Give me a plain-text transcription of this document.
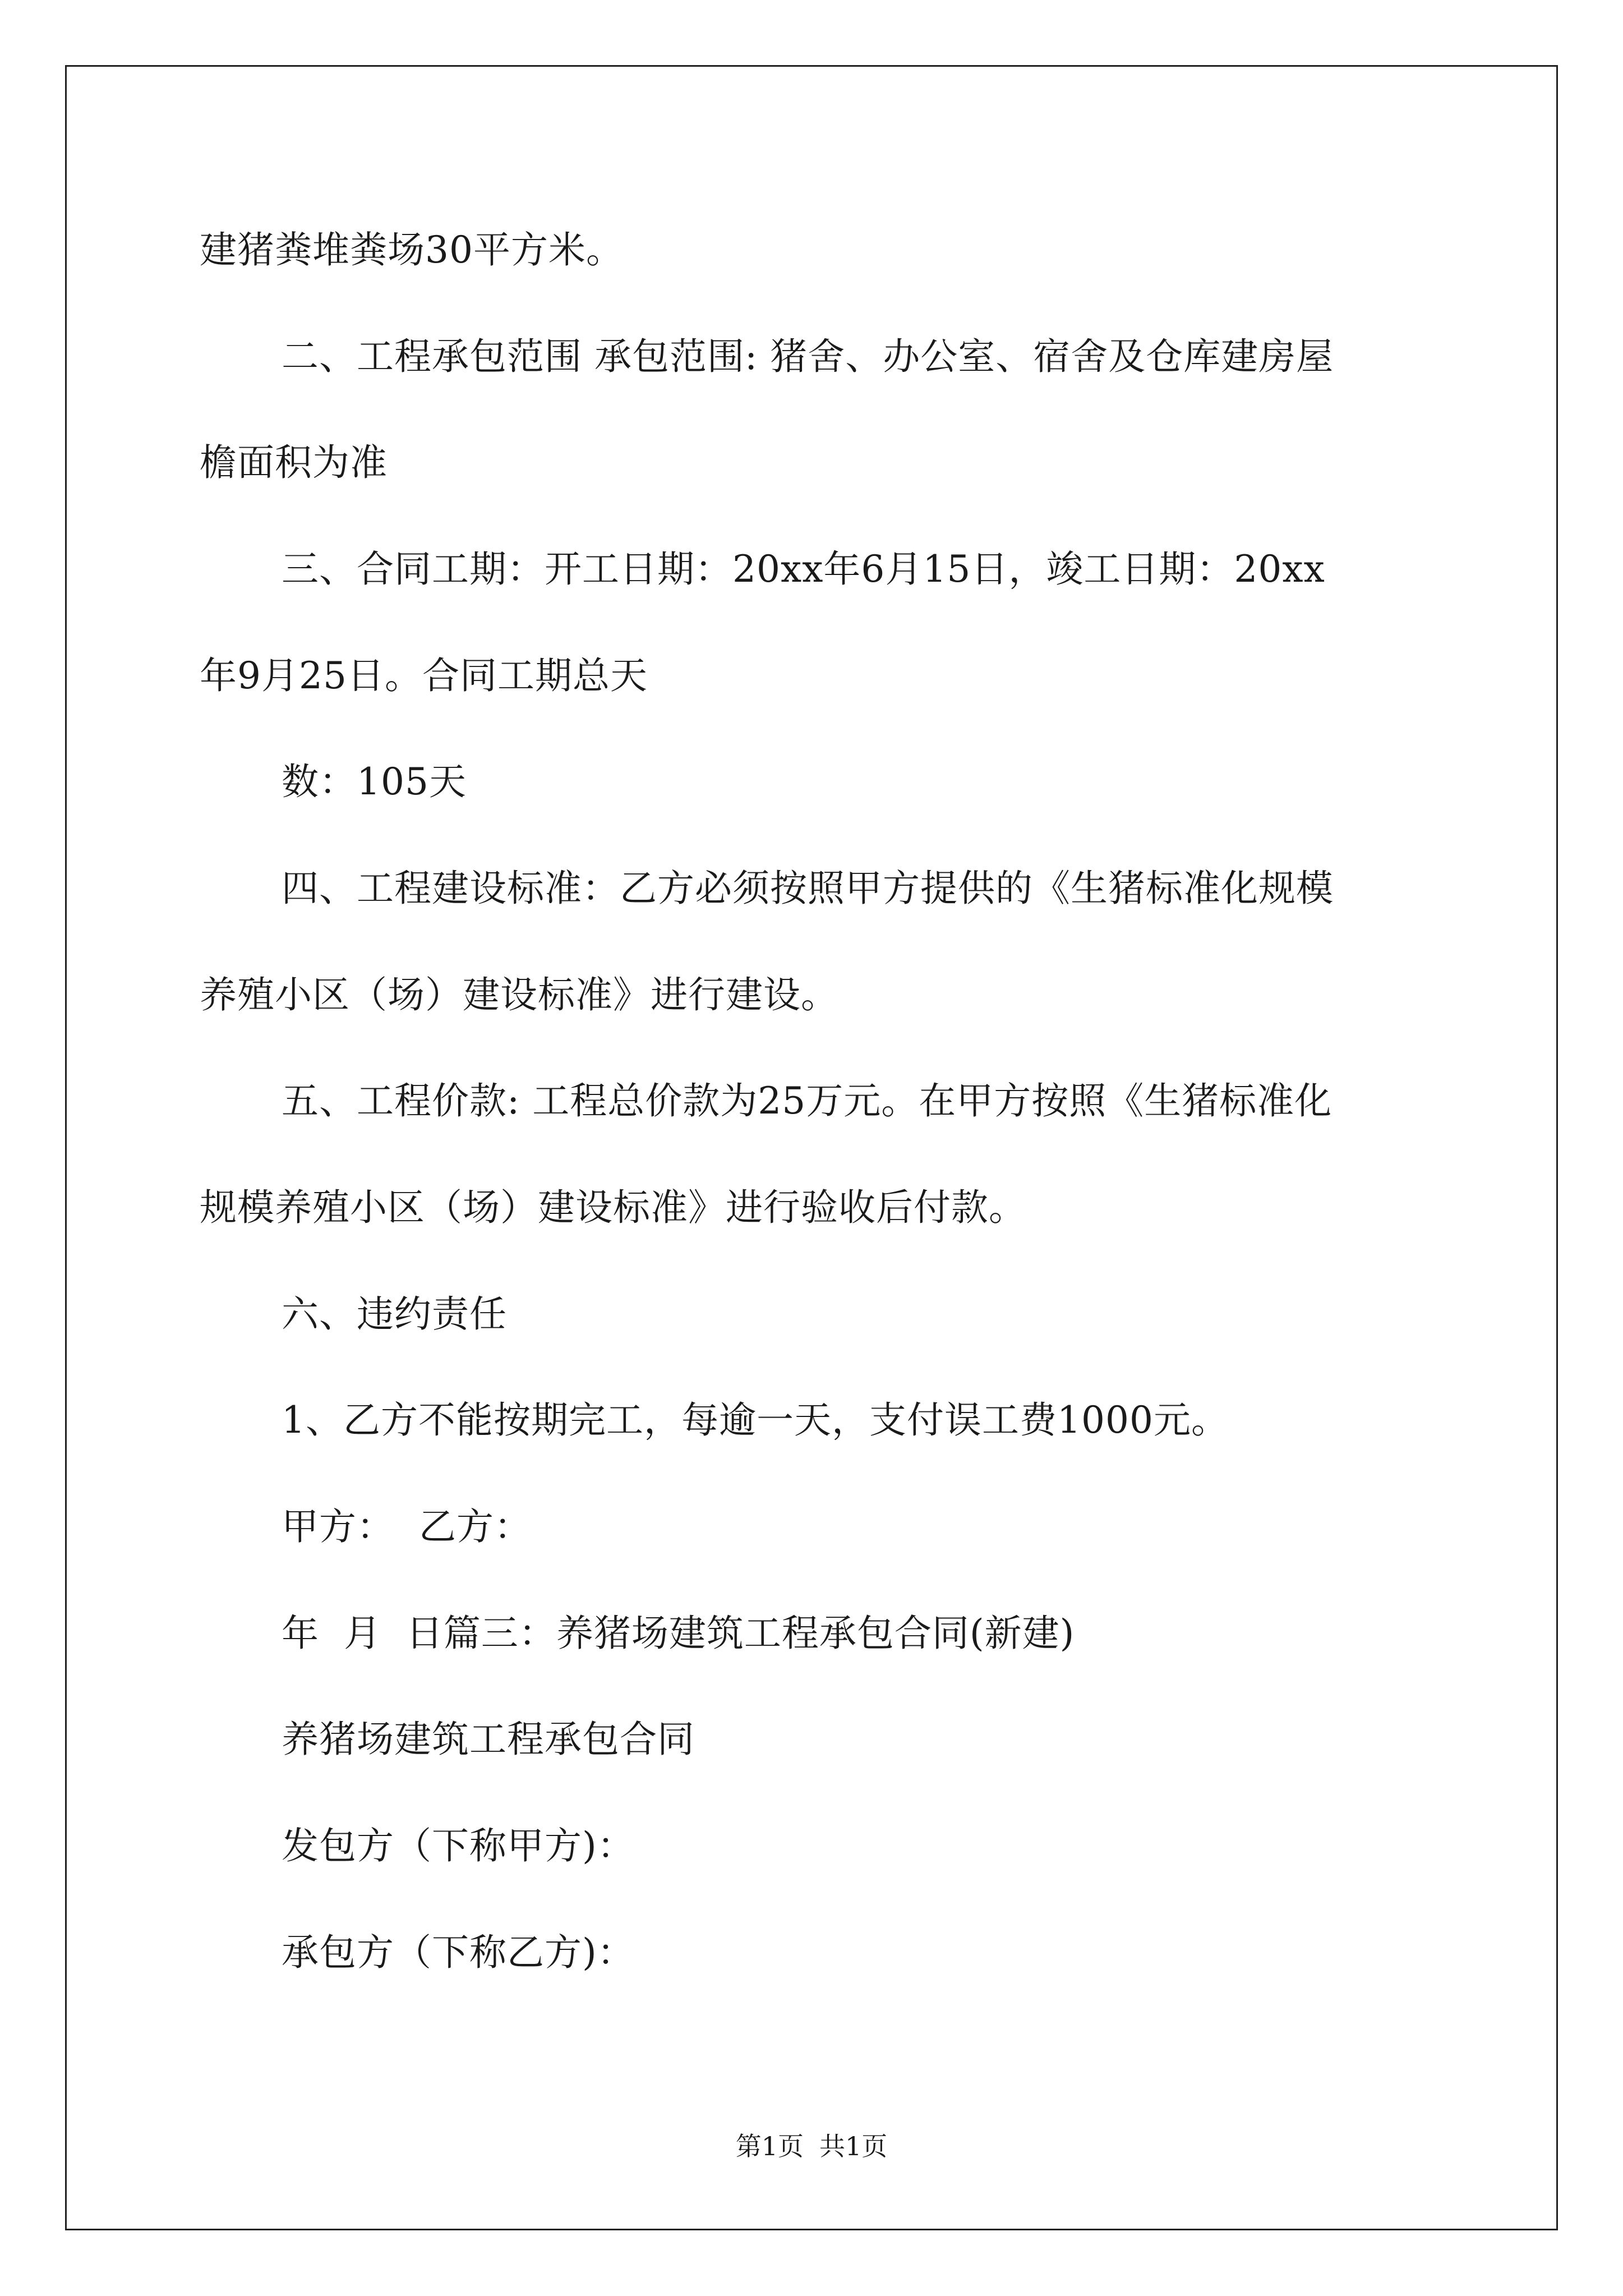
建猪粪堆粪场30平方米。
二、工程承包范围 承包范围: 猪舍、办公室、宿舍及仓库建房屋
檐面积为准
三、合同工期：开工日期：20xx年6月15日，竣工日期：20xx
年9月25日。合同工期总天
数：105天
四、工程建设标准：乙方必须按照甲方提供的《生猪标准化规模
养殖小区（场）建设标准》进行建设。
五、工程价款: 工程总价款为25万元。在甲方按照《生猪标准化
规模养殖小区（场）建设标准》进行验收后付款。
六、违约责任
1、乙方不能按期完工，每逾一天，支付误工费1000元。
甲方：  乙方：
年  月  日篇三：养猪场建筑工程承包合同(新建)
养猪场建筑工程承包合同
发包方（下称甲方)：
承包方（下称乙方)：
第1页 共1页
